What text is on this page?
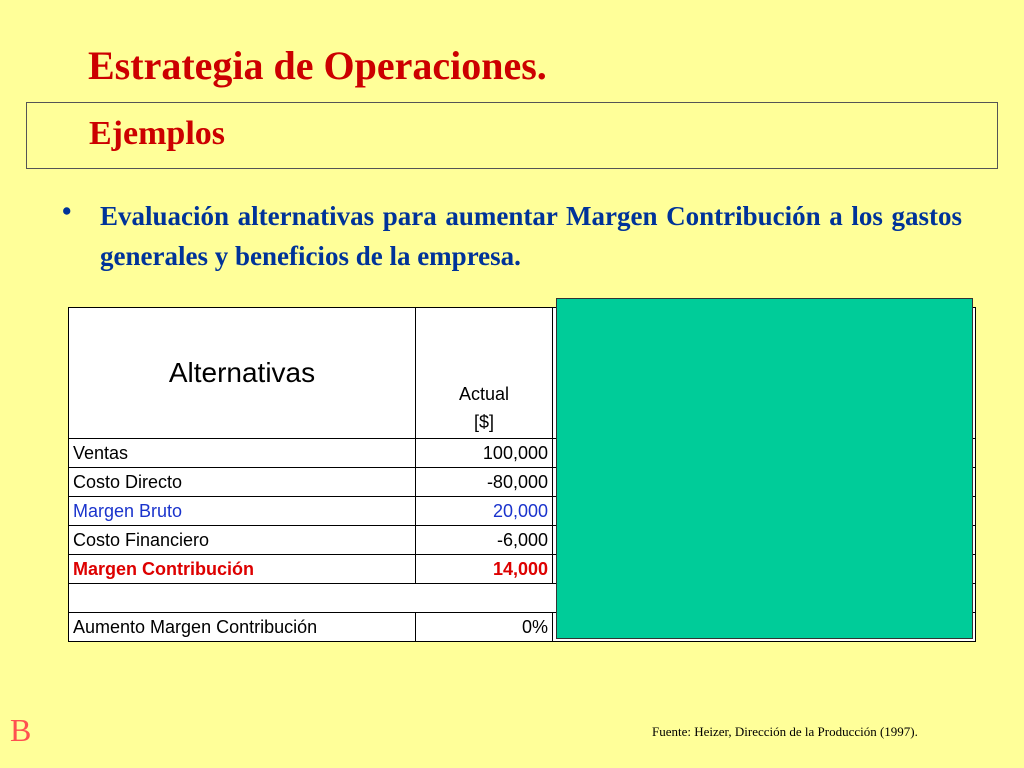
Estrategia de Operaciones.
Ejemplos
• Evaluación alternativas para aumentar Margen Contribución a los gastos generales y beneficios de la empresa.
Alternativas	Actual
[$]	

Ventas	100,000	
Costo Directo	-80,000	
Margen Bruto	20,000	
Costo Financiero	-6,000	
Margen Contribución	14,000	

Aumento Margen Contribución	0%	
B	Fuente: Heizer, Dirección de la Producción (1997).
